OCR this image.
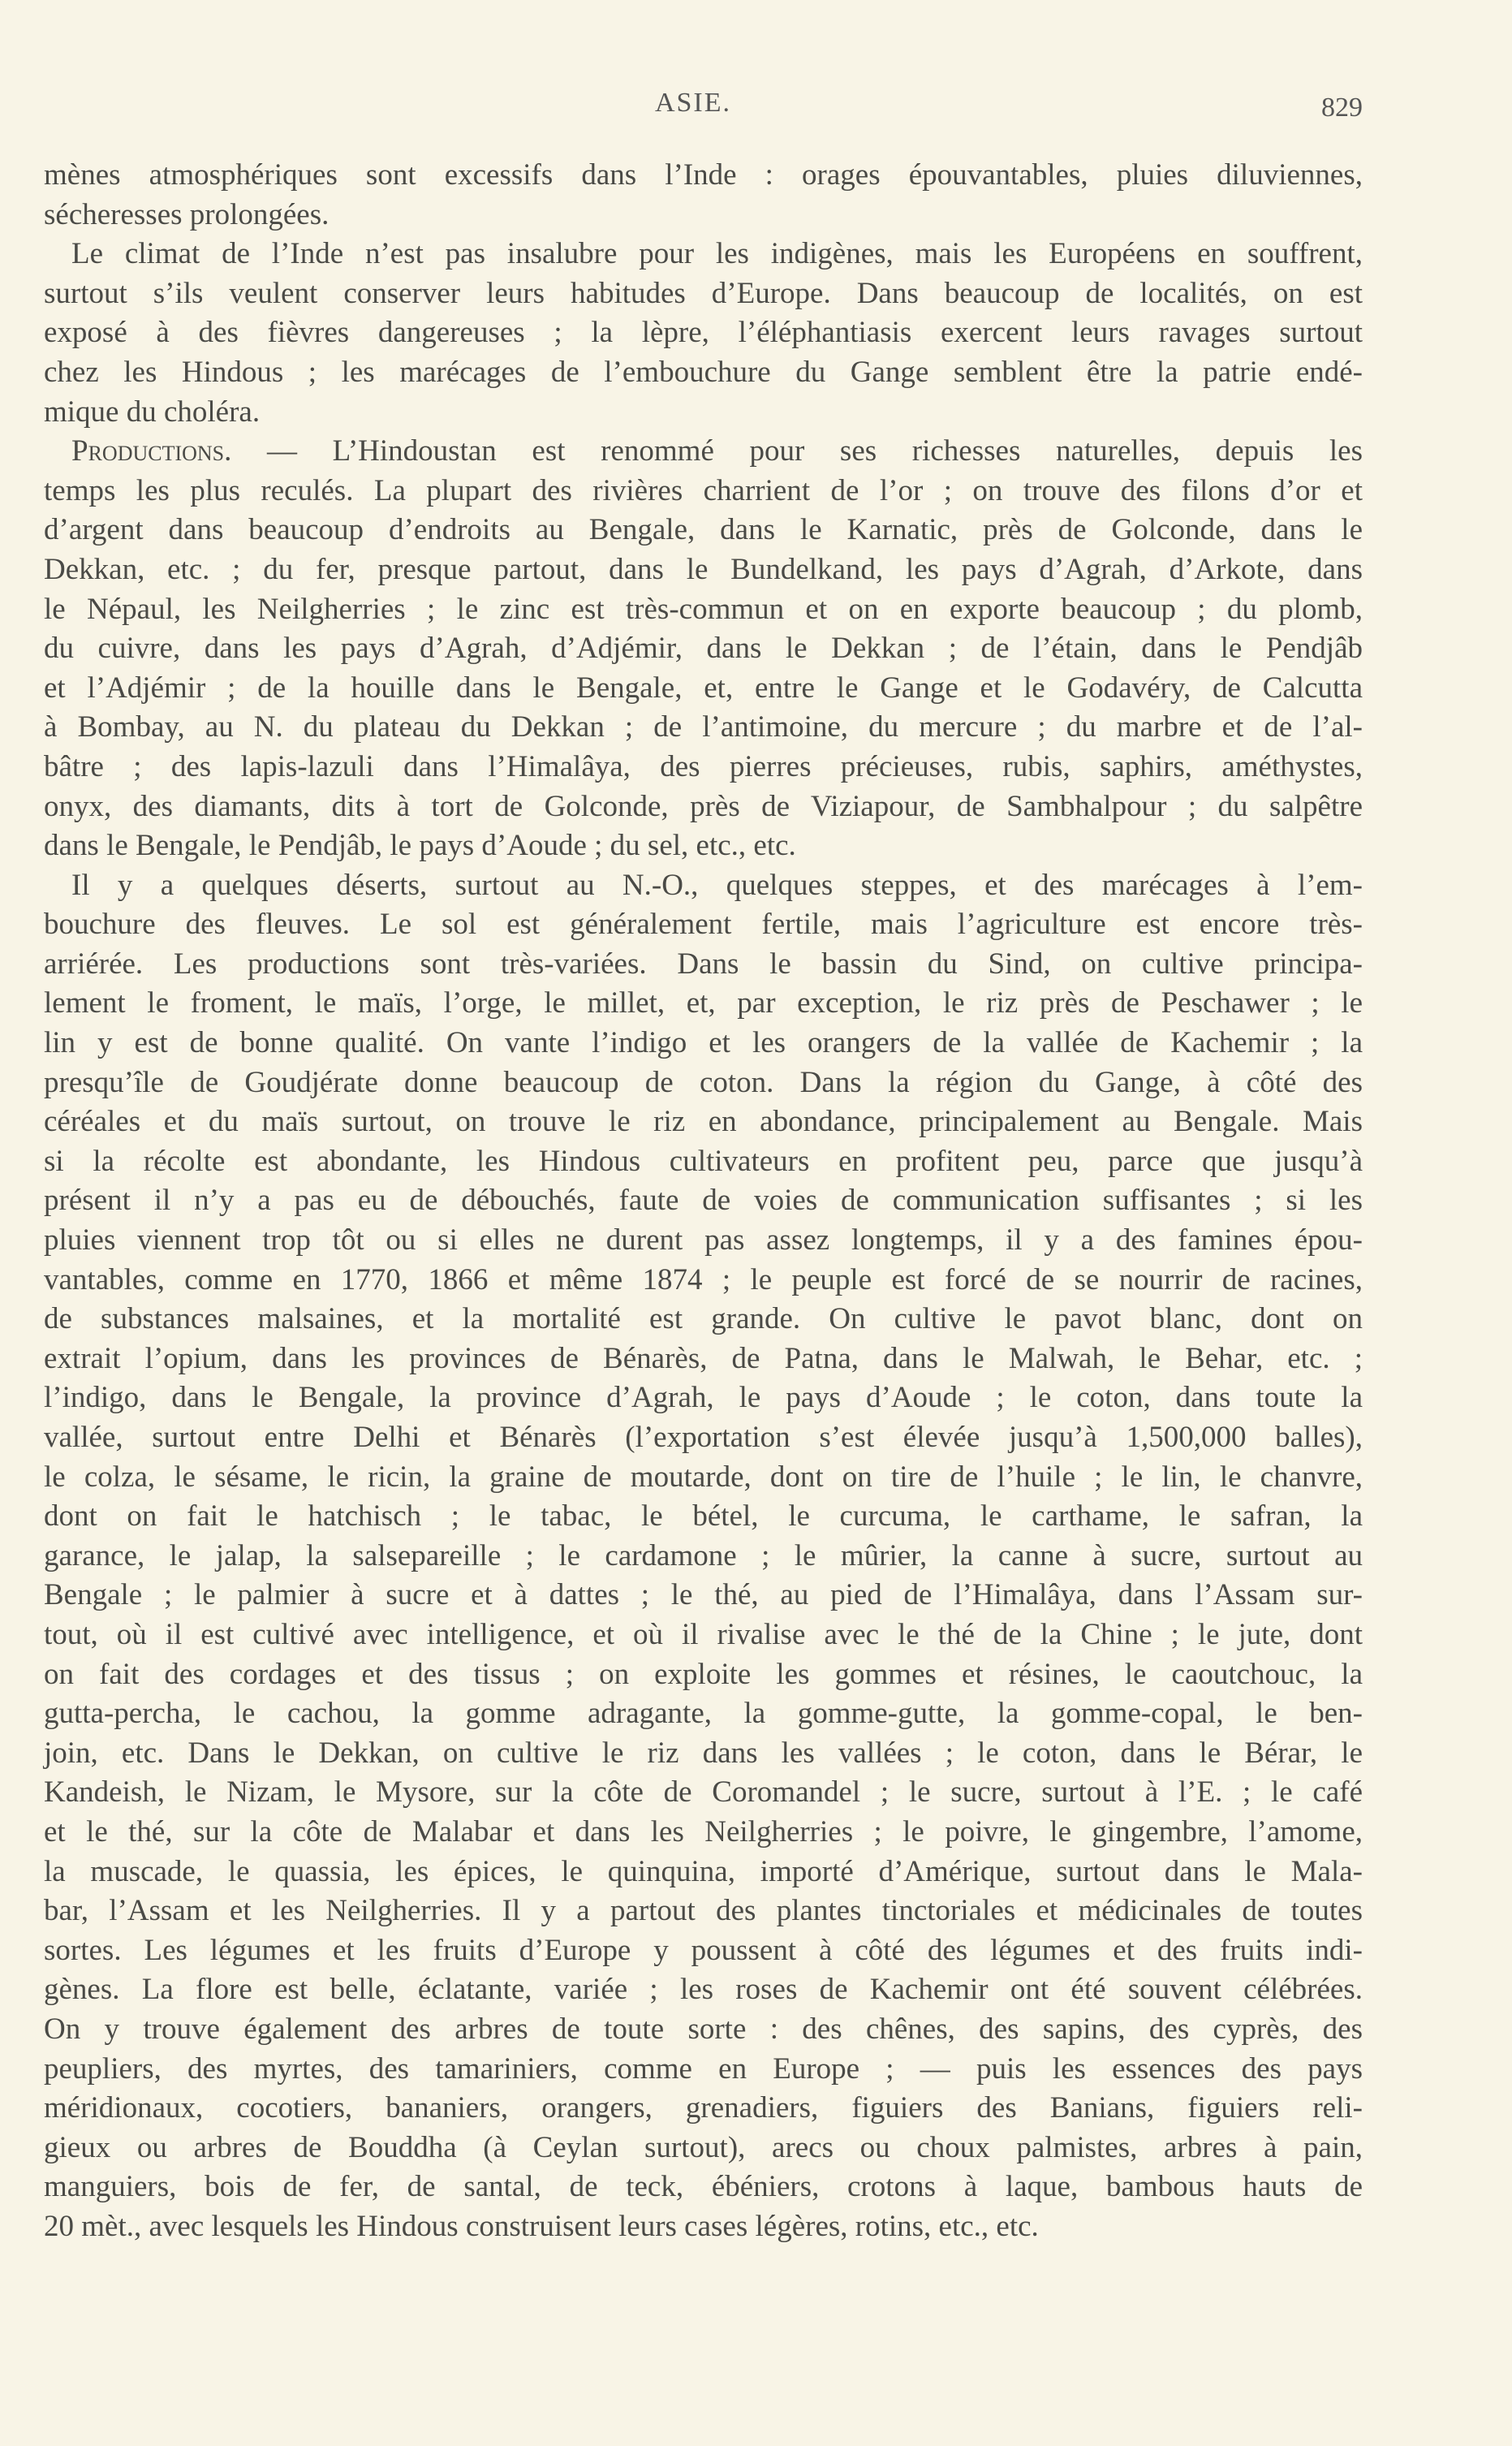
ASIE.	829
mènes atmosphériques sont excessifs dans l’Inde : orages épouvantables, pluies diluviennes,
sécheresses prolongées.
Le climat de l’Inde n’est pas insalubre pour les indigènes, mais les Européens en souffrent,
surtout s’ils veulent conserver leurs habitudes d’Europe. Dans beaucoup de localités, on est
exposé à des fièvres dangereuses ; la lèpre, l’éléphantiasis exercent leurs ravages surtout
chez les Hindous ; les marécages de l’embouchure du Gange semblent être la patrie endé-
mique du choléra.
Productions. — L’Hindoustan est renommé pour ses richesses naturelles, depuis les
temps les plus reculés. La plupart des rivières charrient de l’or ; on trouve des filons d’or et
d’argent dans beaucoup d’endroits au Bengale, dans le Karnatic, près de Golconde, dans le
Dekkan, etc. ; du fer, presque partout, dans le Bundelkand, les pays d’Agrah, d’Arkote, dans
le Népaul, les Neilgherries ; le zinc est très-commun et on en exporte beaucoup ; du plomb,
du cuivre, dans les pays d’Agrah, d’Adjémir, dans le Dekkan ; de l’étain, dans le Pendjâb
et l’Adjémir ; de la houille dans le Bengale, et, entre le Gange et le Godavéry, de Calcutta
à Bombay, au N. du plateau du Dekkan ; de l’antimoine, du mercure ; du marbre et de l’al-
bâtre ; des lapis-lazuli dans l’Himalâya, des pierres précieuses, rubis, saphirs, améthystes,
onyx, des diamants, dits à tort de Golconde, près de Viziapour, de Sambhalpour ; du salpêtre
dans le Bengale, le Pendjâb, le pays d’Aoude ; du sel, etc., etc.
Il y a quelques déserts, surtout au N.-O., quelques steppes, et des marécages à l’em-
bouchure des fleuves. Le sol est généralement fertile, mais l’agriculture est encore très-
arriérée. Les productions sont très-variées. Dans le bassin du Sind, on cultive principa-
lement le froment, le maïs, l’orge, le millet, et, par exception, le riz près de Peschawer ; le
lin y est de bonne qualité. On vante l’indigo et les orangers de la vallée de Kachemir ; la
presqu’île de Goudjérate donne beaucoup de coton. Dans la région du Gange, à côté des
céréales et du maïs surtout, on trouve le riz en abondance, principalement au Bengale. Mais
si la récolte est abondante, les Hindous cultivateurs en profitent peu, parce que jusqu’à
présent il n’y a pas eu de débouchés, faute de voies de communication suffisantes ; si les
pluies viennent trop tôt ou si elles ne durent pas assez longtemps, il y a des famines épou-
vantables, comme en 1770, 1866 et même 1874 ; le peuple est forcé de se nourrir de racines,
de substances malsaines, et la mortalité est grande. On cultive le pavot blanc, dont on
extrait l’opium, dans les provinces de Bénarès, de Patna, dans le Malwah, le Behar, etc. ;
l’indigo, dans le Bengale, la province d’Agrah, le pays d’Aoude ; le coton, dans toute la
vallée, surtout entre Delhi et Bénarès (l’exportation s’est élevée jusqu’à 1,500,000 balles),
le colza, le sésame, le ricin, la graine de moutarde, dont on tire de l’huile ; le lin, le chanvre,
dont on fait le hatchisch ; le tabac, le bétel, le curcuma, le carthame, le safran, la
garance, le jalap, la salsepareille ; le cardamone ; le mûrier, la canne à sucre, surtout au
Bengale ; le palmier à sucre et à dattes ; le thé, au pied de l’Himalâya, dans l’Assam sur-
tout, où il est cultivé avec intelligence, et où il rivalise avec le thé de la Chine ; le jute, dont
on fait des cordages et des tissus ; on exploite les gommes et résines, le caoutchouc, la
gutta-percha, le cachou, la gomme adragante, la gomme-gutte, la gomme-copal, le ben-
join, etc. Dans le Dekkan, on cultive le riz dans les vallées ; le coton, dans le Bérar, le
Kandeish, le Nizam, le Mysore, sur la côte de Coromandel ; le sucre, surtout à l’E. ; le café
et le thé, sur la côte de Malabar et dans les Neilgherries ; le poivre, le gingembre, l’amome,
la muscade, le quassia, les épices, le quinquina, importé d’Amérique, surtout dans le Mala-
bar, l’Assam et les Neilgherries. Il y a partout des plantes tinctoriales et médicinales de toutes
sortes. Les légumes et les fruits d’Europe y poussent à côté des légumes et des fruits indi-
gènes. La flore est belle, éclatante, variée ; les roses de Kachemir ont été souvent célébrées.
On y trouve également des arbres de toute sorte : des chênes, des sapins, des cyprès, des
peupliers, des myrtes, des tamariniers, comme en Europe ; — puis les essences des pays
méridionaux, cocotiers, bananiers, orangers, grenadiers, figuiers des Banians, figuiers reli-
gieux ou arbres de Bouddha (à Ceylan surtout), arecs ou choux palmistes, arbres à pain,
manguiers, bois de fer, de santal, de teck, ébéniers, crotons à laque, bambous hauts de
20 mèt., avec lesquels les Hindous construisent leurs cases légères, rotins, etc., etc.
